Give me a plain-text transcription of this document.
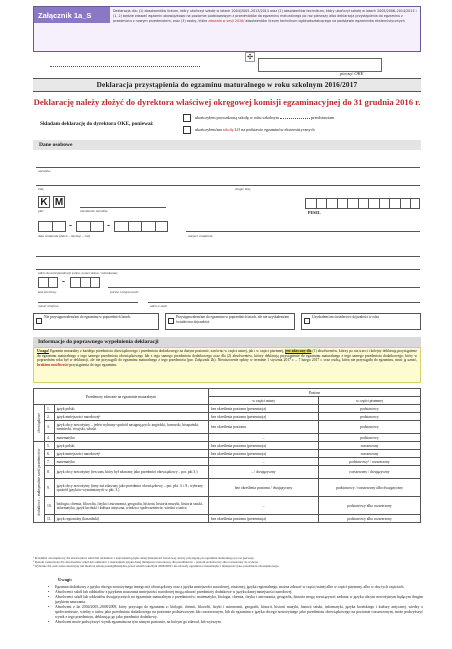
Załącznik 1a_S	Deklaracja dla: (1) absolwentów liceum, który ukończył szkołę w latach 2004/2005–2013/2014 oraz (2) absolwentów technikum, który ukończył szkołę w latach 2005/2006–2014/2015 i (1, 2) będzie zdawać egzamin obowiązkowo na poziomie podstawowym z przedmiotów do egzaminu maturalnego po raz pierwszy albo deklaracja przystąpienia do egzaminu z przedmiotu z nowym przedmiotem, oraz (3) osoby, która zdawała w sesji 2016/ absolwentów liceum technikum ogólnokształcącego na podstawie egzaminów eksternistycznych
✣
pieczęć OKE
Deklaracja przystąpienia do egzaminu maturalnego w roku szkolnym 2016/2017
Deklarację należy złożyć do dyrektora właściwej okręgowej komisji egzaminacyjnej do 31 grudnia 2016 r.
Składam deklarację do dyrektora OKE, ponieważ
ukończyłem prowadzoną szkołę w roku szkolnym	przedstawiam
ukończyłem/am szkołę LO na podstawie egzaminów eksternistycznych
Dane osobowe
nazwisko
imię	drugie imię
K M
płeć	narodzenie narodów	PESEL
-	-
data urodzenia (dzień – miesiąc – rok)	miejsce urodzenia
adres do korespondencji (ulica, numer domu / mieszkania)
-
kod pocztowy	poczta i miejscowość
numer telefonu	adres e-mail
Nie przystępowałem/am do egzaminu w poprzednich latach.	Przystępowałem/am do egzaminu w poprzednich latach, ale nie uzyskałem/am świadectwa dojrzałości.
Uzyskałem/am świadectwo dojrzałości w roku
Informacje do poprawnego wypełnienia deklaracji
Uwaga! Egzamin maturalny z każdego przedmiotu obowiązkowego i przedmiotu dodatkowego na danym poziomie, zarówno w części ustnej, jak i w części pisemnej, jest zdawany dla (1) absolwentów, którzy po raz trzeci i kolejny deklarują przystąpienie do egzaminu maturalnego z tego samego przedmiotu obowiązkowego lub z tego samego przedmiotu dodatkowego oraz dla (2) absolwentów, którzy deklarują przystąpienie do egzaminu maturalnego z tego samego przedmiotu dodatkowego, który w poprzednim roku był w deklaracji, ale nie przystąpili do egzaminu maturalnego z tego przedmiotu (por. Załącznik 2b). Nieuiszczenie opłaty w terminie 1 stycznia 2017 r. – 7 lutego 2017 r. oraz osobą, która nie przystąpiła do egzaminu, musi ją uznać, brakiem możliwości przystąpienia do tego egzaminu.
Przedmioty zdawane na egzaminie maturalnym			Poziom	
			w części ustnej	w części pisemnej

obowiązkowe	1.	język polski	bez określenia poziomu (prezentacja)	podstawowy
	2.	język mniejszości narodowej¹	bez określenia poziomu (prezentacja)	podstawowy
	3.	język obcy nowożytny – jeden wybrany spośród następujących: angielski, francuski, hiszpański, niemiecki, rosyjski, włoski	bez określenia poziomu	podstawowy
	4.	matematyka	–	podstawowy

dodatkowe – maksymalnie sześć przedmiotów	5.	język polski	bez określenia poziomu (prezentacja)	rozszerzony
	6.	język mniejszości narodowej¹	bez określenia poziomu (prezentacja)	rozszerzony
	7.	matematyka	–	podstawowy² / rozszerzony
	8.	język obcy nowożytny (ten sam, który był zdawany jako przedmiot obowiązkowy – por. pkt 3.)	– / dwujęzyczny	rozszerzony / dwujęzyczny
	9.	język obcy nowożytny (inny niż zdawany jako przedmiot obowiązkowy – por. pkt. 3. i 8.; wybrany spośród języków wymienionych w pkt. 3.)	bez określenia poziomu / dwujęzyczny	podstawowy / rozszerzony albo dwujęzyczny
	10.	biologia, chemia, filozofia, fizyka i astronomia, geografia, historia, historia muzyki, historia sztuki, informatyka, język łaciński i kultura antyczna, wiedza o społeczeństwie, wiedza o tańcu	–	podstawowy albo rozszerzony
	11.	język regionalny (kaszubski)	bez określenia poziomu (prezentacja)	podstawowy albo rozszerzony
¹ Przedmiot obowiązkowy dla absolwentów szkół lub oddziałów z nauczaniem języka danej mniejszości narodowej, którzy przystępują do egzaminu maturalnego po raz pierwszy.
² Poziom rozszerzony dla absolwentów szkół lub oddziałów z nauczaniem języka danej mniejszości narodowej, dla przedmiotów – poziom podstawowy albo rozszerzony do wyboru.
³ Wybranie dla osób, które ukończyły lub ukończą szkołę ponadgimnazjalną przed rokiem szkolnym 2008/2009 i nie zdawały egzaminu z matematyki z mniejszości jako przedmiotu obowiązkowego.
Uwagi:
• Egzamin dodatkowy z języka obcego nowożytnego innego niż obowiązkowy oraz z języka mniejszości narodowej, etnicznej, języka regionalnego, można zdawać w części ustnej albo w części pisemnej, albo w obu tych częściach.
• Absolwenci szkół lub oddziałów z językiem nauczania mniejszości narodowej mogą zdawać przedmioty dodatkowe w języku danej mniejszości narodowej.
• Absolwenci szkół lub oddziałów dwujęzycznych na egzaminie maturalnym z przedmiotów: matematyka, biologia, chemia, fizyka i astronomia, geografia, historia mogą rozwiązywać zadania w języku obcym nowożytnym będącym drugim językiem nauczania.
• Absolwent z lat 2004/2005–2008/2009, który przystąpi do egzaminu z: biologii, chemii, filozofii, fizyki i astronomii, geografii, historii, historii muzyki, historii sztuki, informatyki, języka łacińskiego i kultury antycznej, wiedzy o społeczeństwie, wiedzy o tańcu jako przedmiotu dodatkowego na poziomie podstawowym lub rozszerzonym, lub do egzaminu z języka obcego nowożytnego jako przedmiotu obowiązkowego na poziomie rozszerzonym, może podwyższyć wynik z tego przedmiotu, deklarując go jako przedmiot dodatkowy.
• Absolwent może podwyższyć wynik egzaminu na tym samym poziomie, na którym go zdawał, lub wyższym.
